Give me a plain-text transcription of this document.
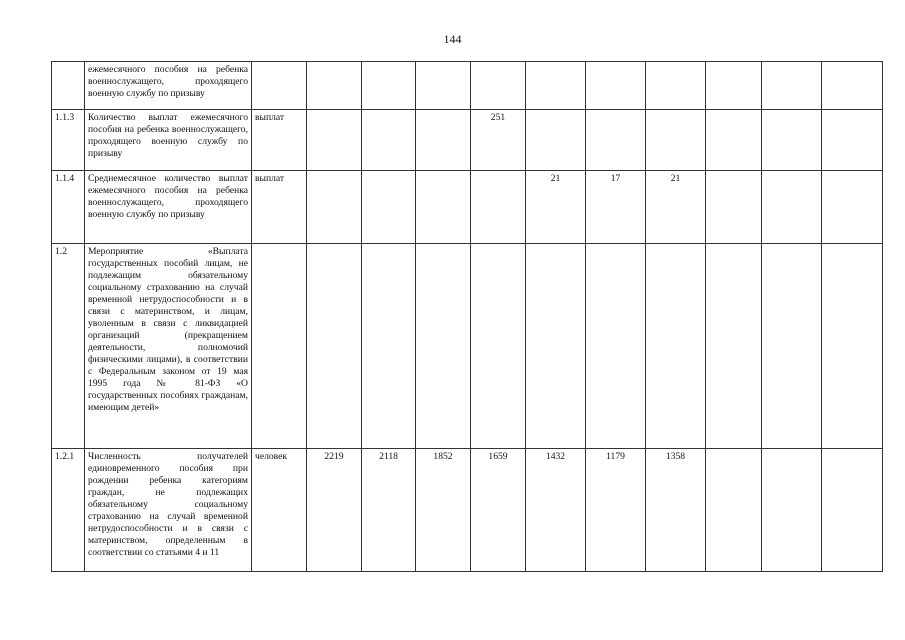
144
	ежемесячного пособия на ребенка военнослужащего, проходящего военную службу по призыву											
1.1.3	Количество выплат ежемесячного пособия на ребенка военнослужащего, проходящего военную службу по призыву	выплат				251						
1.1.4	Среднемесячное количество выплат ежемесячного пособия на ребенка военнослужащего, проходящего военную службу по призыву	выплат					21	17	21			
1.2	Мероприятие «Выплата государственных пособий лицам, не подлежащим обязательному социальному страхованию на случай временной нетрудоспособности и в связи с материнством, и лицам, уволенным в связи с ликвидацией организаций (прекращением деятельности, полномочий физическими лицами), в соответствии с Федеральным законом от 19 мая 1995 года № 81-ФЗ «О государственных пособиях гражданам, имеющим детей»											
1.2.1	Численность получателей единовременного пособия при рождении ребенка категориям граждан, не подлежащих обязательному социальному страхованию на случай временной нетрудоспособности и в связи с материнством, определенным в соответствии со статьями 4 и 11	человек	2219	2118	1852	1659	1432	1179	1358			
